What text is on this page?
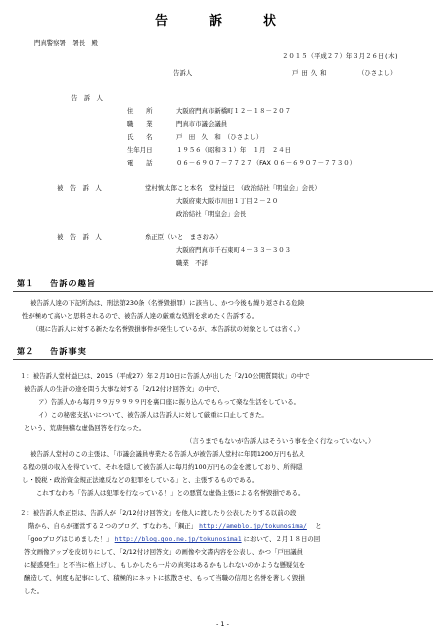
告　訴　状
門真警察署　署長　殿
２０１５（平成２７）年３月２６日(木)
告訴人	戸田久和	（ひさよし）
告　訴　人
住　　所	大阪府門真市新橋町１２－１８－２０７
職　　業	門真市市議会議員
氏　　名	戸　田　久　和　（ひさよし）
生年月日	１９５６（昭和３１）年　１月　２４日
電　　話	０６－６９０７－７７２７（FAX ０６－６９０７－７７３０）
被　告　訴　人	堂村慎太郎こと本名　堂村益巳　（政治結社「明皇会」会長）
大阪府東大阪市川田１丁目２－２０
政治結社「明皇会」会長
被　告　訴　人	糸正臣（いと　まさおみ）
大阪府門真市千石東町４－３３－３０３
職業　不詳
第１ 告訴の趣旨
被告訴人達の下記所為は、刑法第230条（名誉毀損罪）に該当し、かつ今後も繰り返される危険
性が極めて高いと思料されるので、被告訴人達の厳重な処罰を求めたく告訴する。
（現に告訴人に対する新たな名誉毀損事件が発生しているが、本告訴状の対象としては省く。）
第２ 告訴事実
１：被告訴人堂村益巳は、2015（平成27）年２月10日に告訴人が出した「2/10公開質問状」の中で
被告訴人の生計の途を問う大事な対する「2/12付け回答文」の中で、
ア）告訴人から毎月９９万９９９９円を裏口座に振り込んでもらって楽な生活をしている。
イ）この秘密支払いについて、被告訴人は告訴人に対して厳重に口止してきた。
という、荒唐無稽な虚偽回答を行なった。
（言うまでもないが告訴人はそういう事を全く行なっていない。）
被告訴人堂村のこの主張は、「市議会議員専業たる告訴人が被告訴人堂村に年間1200万円も払え
る程の別の収入を得ていて、それを隠して被告訴人に毎月約100万円もの金を渡しており、所得隠
し・脱税・政治資金規正法違反などの犯罪をしている」と、主張するものである。
これすなわち「告訴人は犯罪を行なっている！」との悪質な虚偽主張による名誉毀損である。
２：被告訴人糸正臣は、告訴人が「2/12付け回答文」を他人に渡したり公表したりする以前の段
階から、自らが運営する２つのブログ、すなわち、「鋼正」 http://ameblo.jp/tokunosima/ 　と
「gooブログはじめました！」 http://blog.goo.ne.jp/tokunosima1 において、２月１８日の回
答文画像アップを皮切りにして、「2/12付け回答文」の画像や文書内容を公表し、かつ「戸田議員
に疑惑発生」と不当に格上げし、もしかしたら一片の真実はあるかもしれないのかような懸疑気を
醸造して、何度も記事にして、積極的にネットに拡散させ、もって当職の信用と名誉を著しく毀損
した。
- 1 -
